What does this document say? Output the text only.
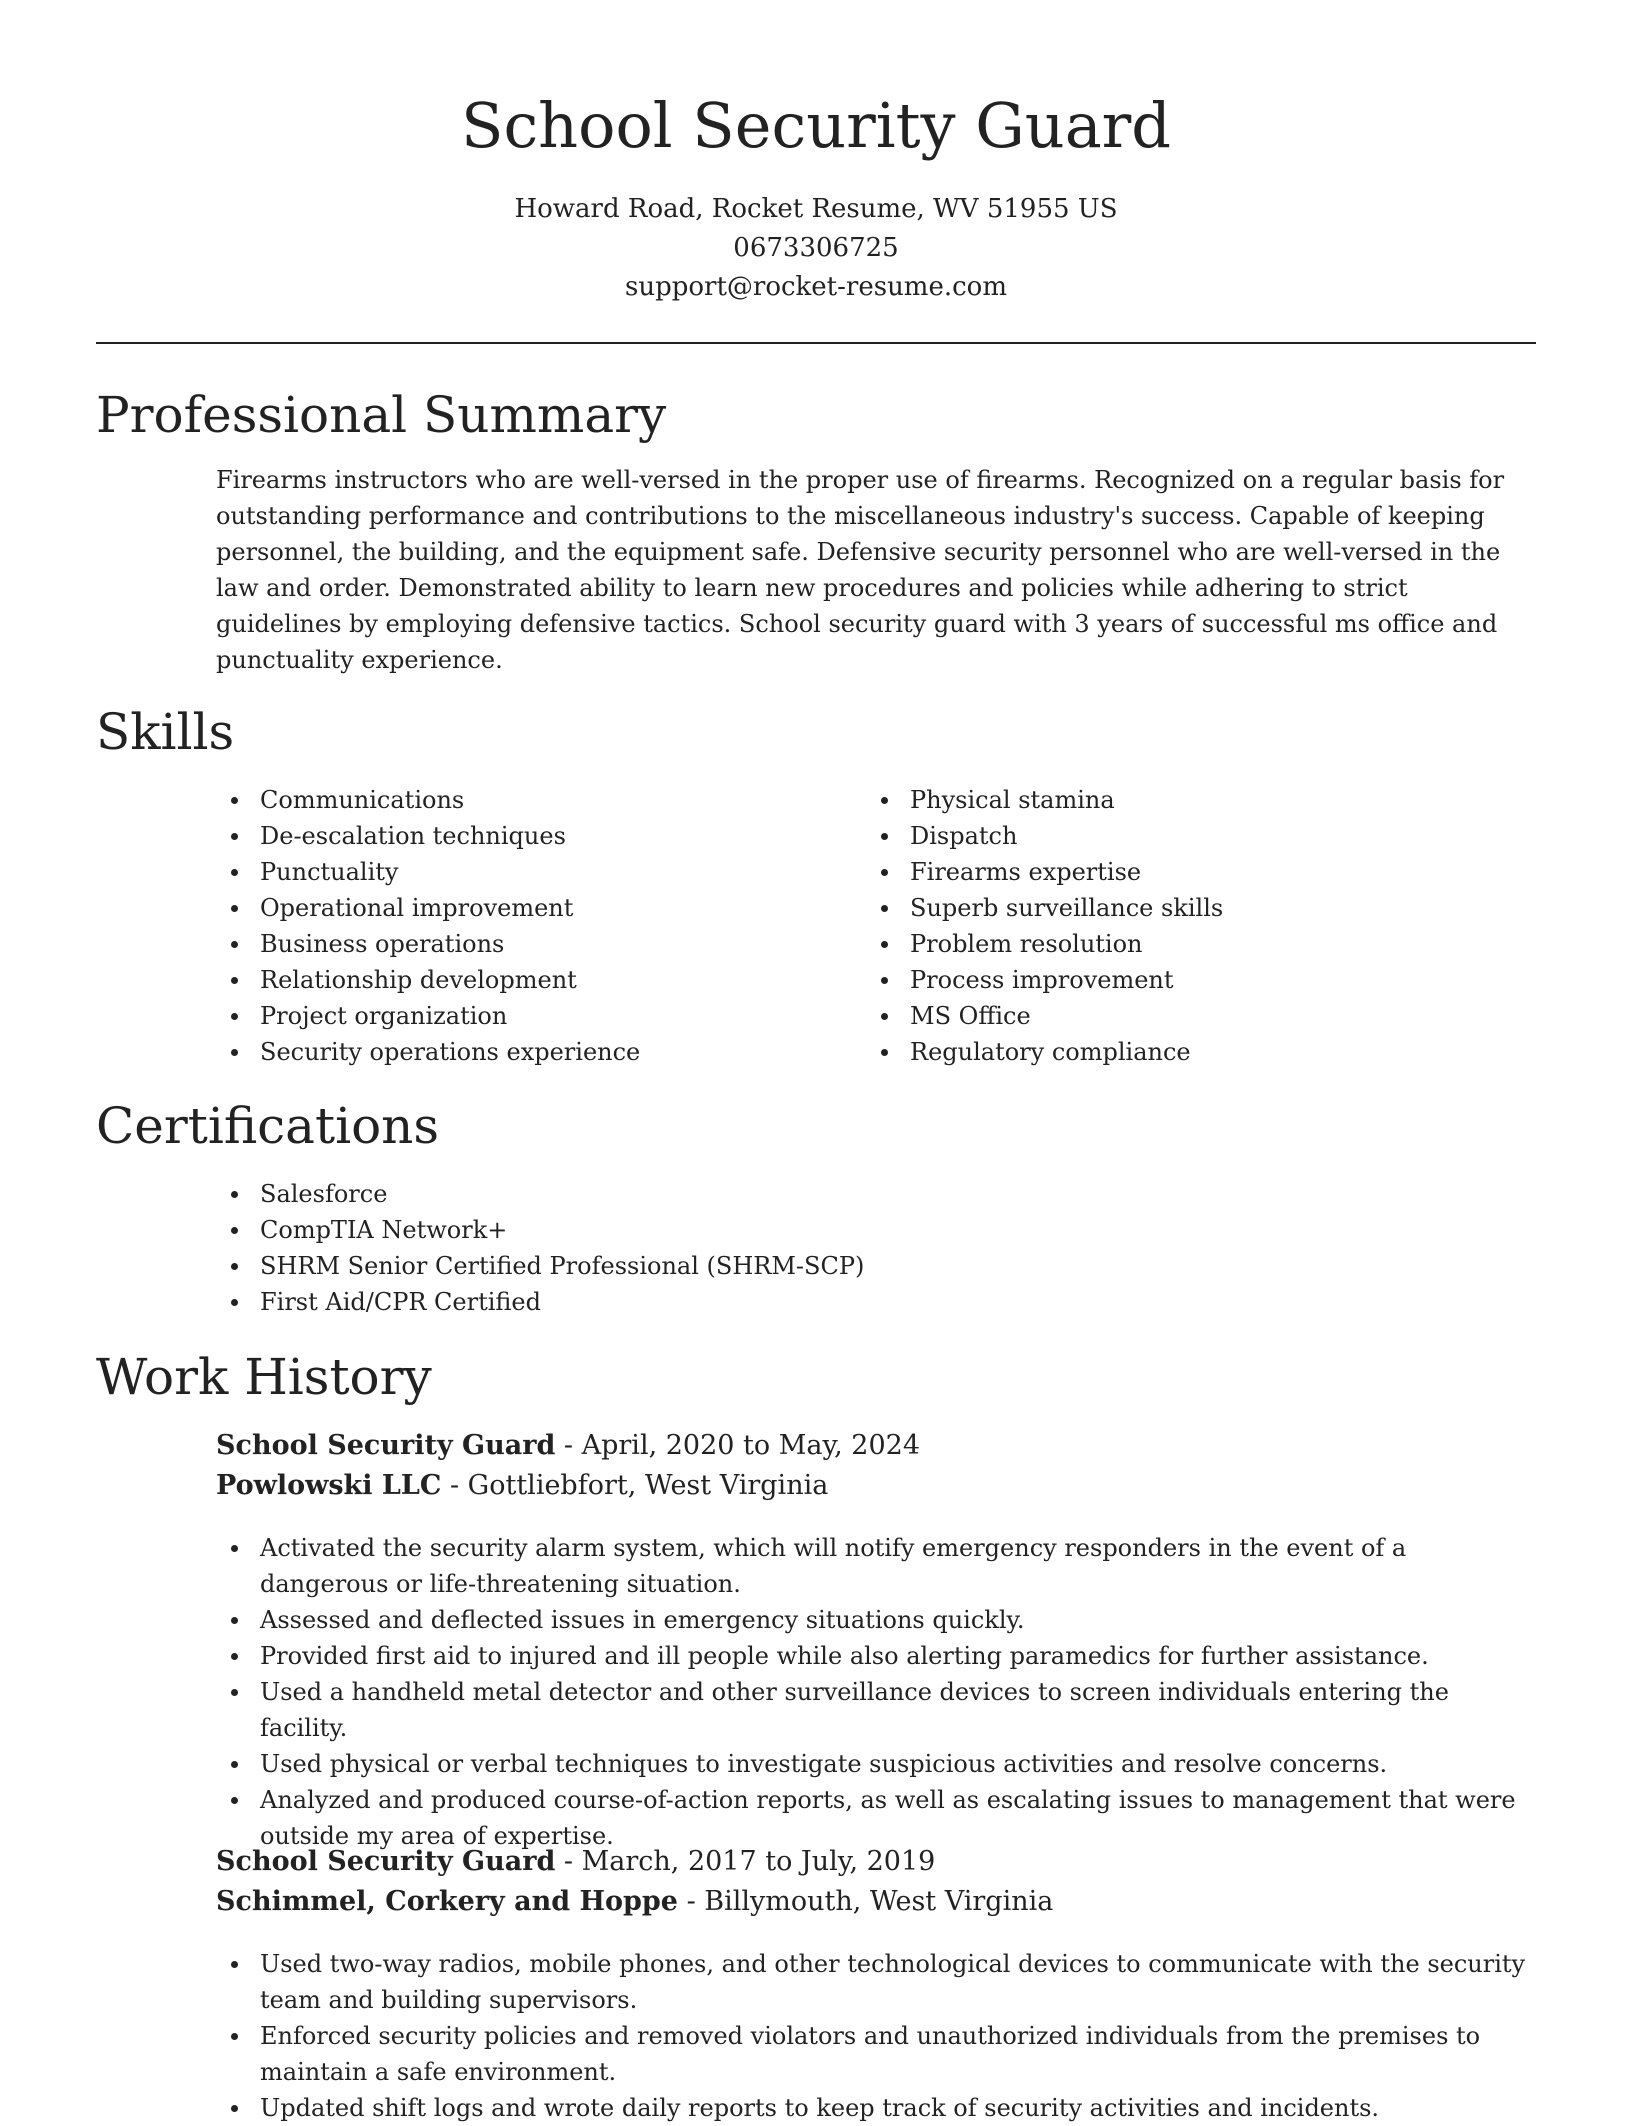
School Security Guard
Howard Road, Rocket Resume, WV 51955 US
0673306725
support@rocket-resume.com
Professional Summary

Firearms instructors who are well-versed in the proper use of firearms. Recognized on a regular basis for outstanding performance and contributions to the miscellaneous industry's success. Capable of keeping personnel, the building, and the equipment safe. Defensive security personnel who are well-versed in the law and order. Demonstrated ability to learn new procedures and policies while adhering to strict guidelines by employing defensive tactics. School security guard with 3 years of successful ms office and punctuality experience.

Skills
Communications
De-escalation techniques
Punctuality
Operational improvement
Business operations
Relationship development
Project organization
Security operations experience
Physical stamina
Dispatch
Firearms expertise
Superb surveillance skills
Problem resolution
Process improvement
MS Office
Regulatory compliance
Certifications
Salesforce
CompTIA Network+
SHRM Senior Certified Professional (SHRM-SCP)
First Aid/CPR Certified
Work History

School Security Guard - April, 2020 to May, 2024

Powlowski LLC - Gottliebfort, West Virginia

Activated the security alarm system, which will notify emergency responders in the event of a dangerous or life-threatening situation.
Assessed and deflected issues in emergency situations quickly.
Provided first aid to injured and ill people while also alerting paramedics for further assistance.
Used a handheld metal detector and other surveillance devices to screen individuals entering the facility.
Used physical or verbal techniques to investigate suspicious activities and resolve concerns.
Analyzed and produced course-of-action reports, as well as escalating issues to management that were outside my area of expertise.

School Security Guard - March, 2017 to July, 2019

Schimmel, Corkery and Hoppe - Billymouth, West Virginia

Used two-way radios, mobile phones, and other technological devices to communicate with the security team and building supervisors.
Enforced security policies and removed violators and unauthorized individuals from the premises to maintain a safe environment.
Updated shift logs and wrote daily reports to keep track of security activities and incidents.
